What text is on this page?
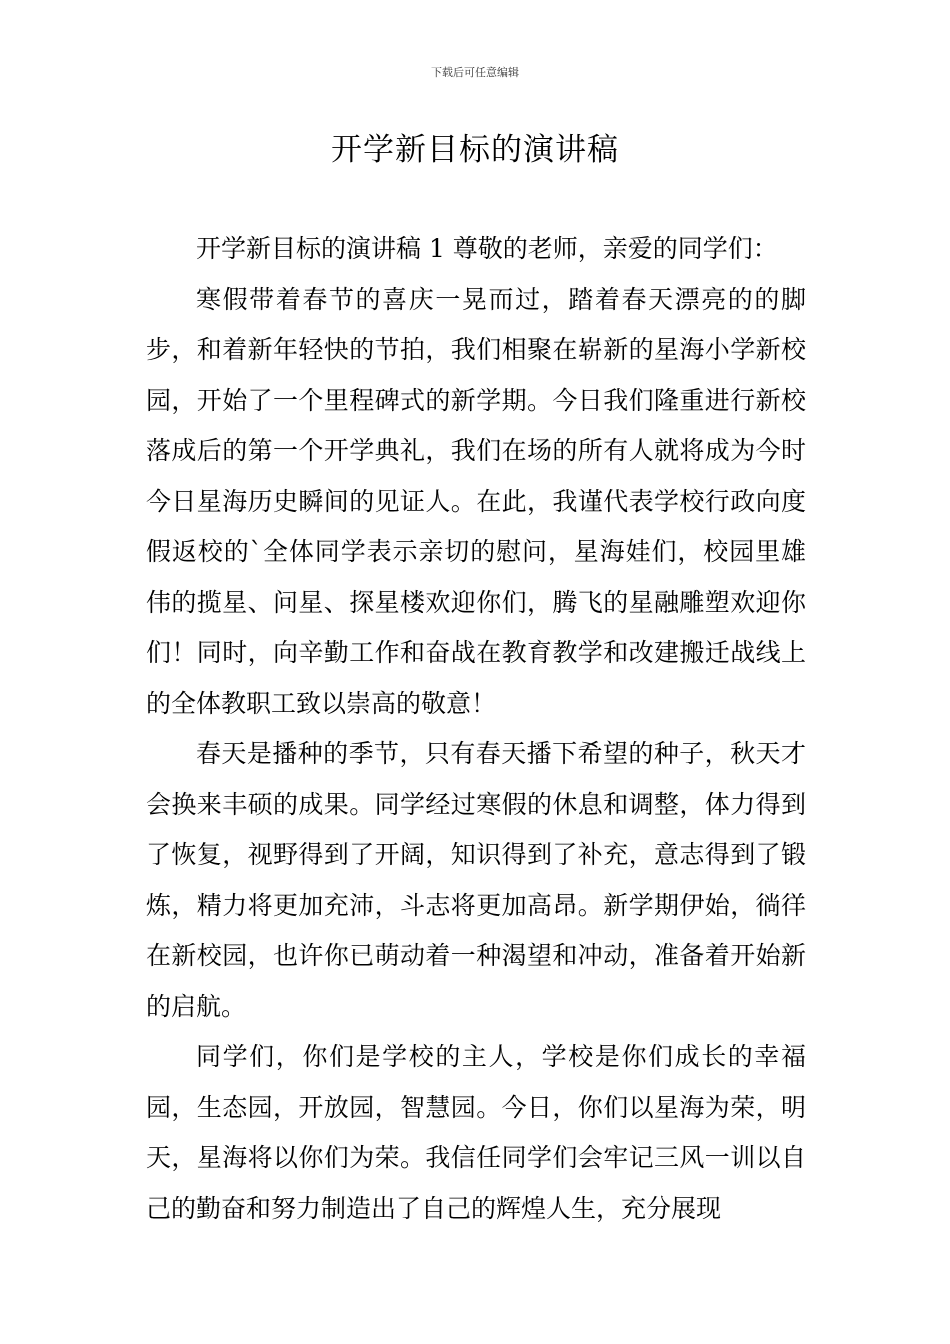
下载后可任意编辑
开学新目标的演讲稿

开学新目标的演讲稿 1 尊敬的老师，亲爱的同学们：

寒假带着春节的喜庆一晃而过，踏着春天漂亮的的脚步，和着新年轻快的节拍，我们相聚在崭新的星海小学新校园，开始了一个里程碑式的新学期。今日我们隆重进行新校落成后的第一个开学典礼，我们在场的所有人就将成为今时今日星海历史瞬间的见证人。在此，我谨代表学校行政向度假返校的`全体同学表示亲切的慰问，星海娃们，校园里雄伟的揽星、问星、探星楼欢迎你们，腾飞的星融雕塑欢迎你们！同时，向辛勤工作和奋战在教育教学和改建搬迁战线上的全体教职工致以崇高的敬意！

春天是播种的季节，只有春天播下希望的种子，秋天才会换来丰硕的成果。同学经过寒假的休息和调整，体力得到了恢复，视野得到了开阔，知识得到了补充，意志得到了锻炼，精力将更加充沛，斗志将更加高昂。新学期伊始，徜徉在新校园，也许你已萌动着一种渴望和冲动，准备着开始新的启航。

同学们，你们是学校的主人，学校是你们成长的幸福园，生态园，开放园，智慧园。今日，你们以星海为荣，明天，星海将以你们为荣。我信任同学们会牢记三风一训以自己的勤奋和努力制造出了自己的辉煌人生，充分展现
